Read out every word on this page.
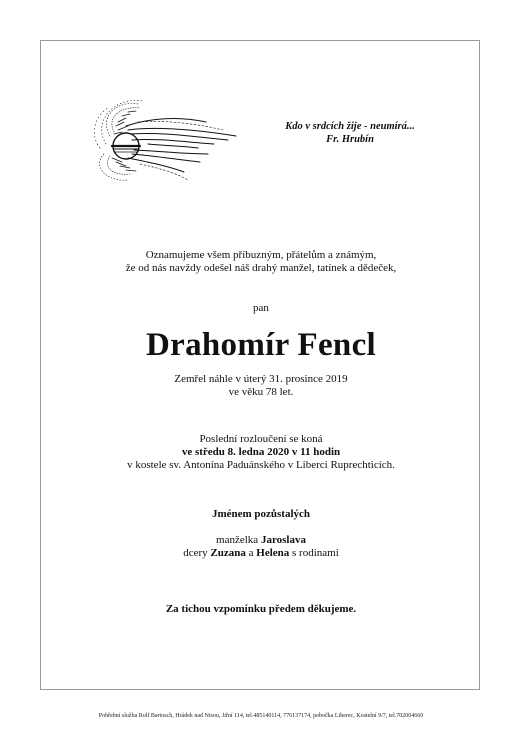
Kdo v srdcích žije - neumírá...
Fr. Hrubín
Oznamujeme všem příbuzným, přátelům a známým,
že od nás navždy odešel náš drahý manžel, tatínek a dědeček,
pan
Drahomír Fencl
Zemřel náhle v úterý 31. prosince 2019
ve věku 78 let.
Poslední rozloučení se koná
ve středu 8. ledna 2020 v 11 hodin
v kostele sv. Antonína Paduánského v Liberci Ruprechticích.
Jménem pozůstalých
manželka Jaroslava
dcery Zuzana a Helena s rodinami
Za tichou vzpomínku předem děkujeme.
Pohřební služba Rolf Bartosch, Hrádek nad Nisou, Jiřní 114, tel.485140114, 776137174, pobočka Liberec, Kostelní 9/7, tel.702004660
